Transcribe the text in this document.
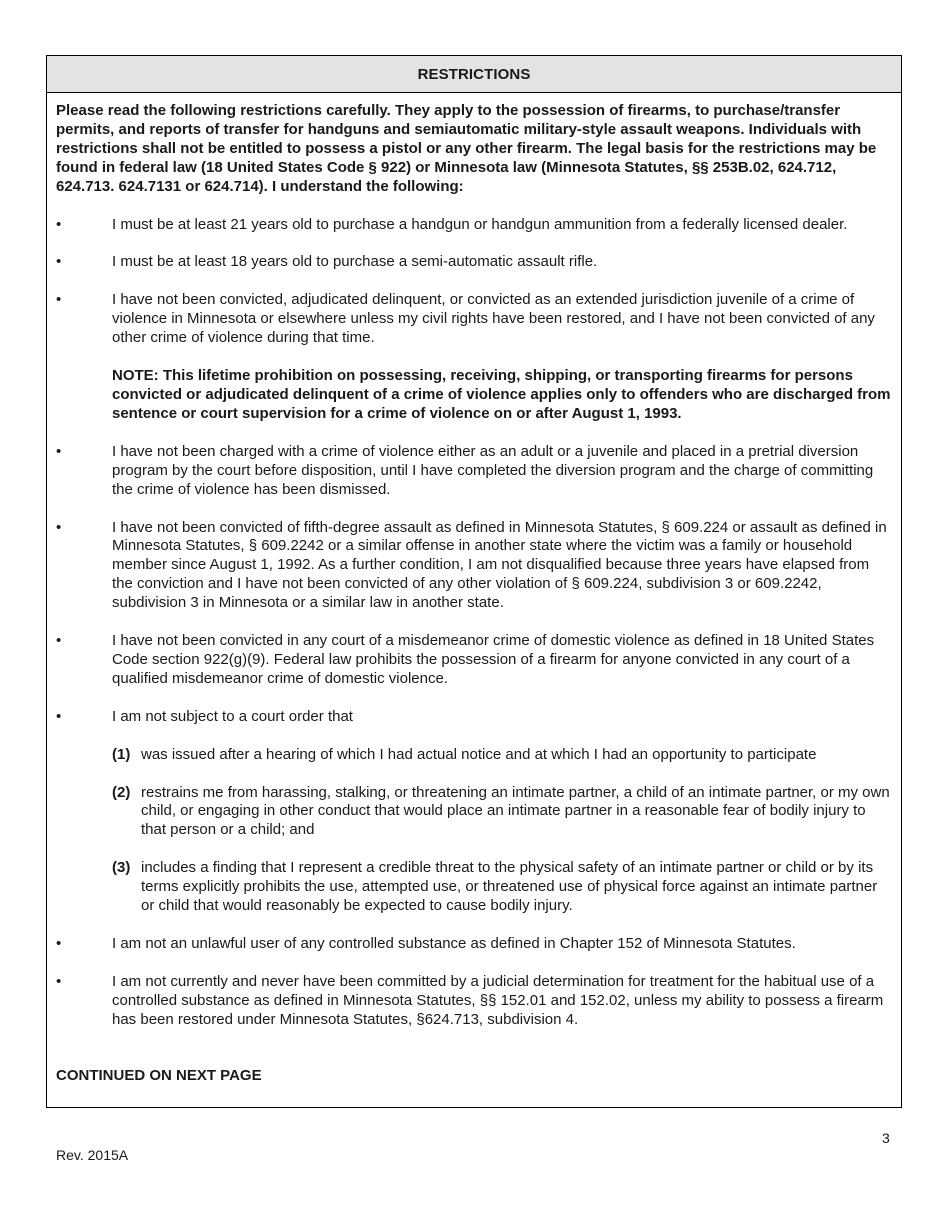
RESTRICTIONS

Please read the following restrictions carefully. They apply to the possession of firearms, to purchase/transfer permits, and reports of transfer for handguns and semiautomatic military-style assault weapons. Individuals with restrictions shall not be entitled to possess a pistol or any other firearm. The legal basis for the restrictions may be found in federal law (18 United States Code § 922) or Minnesota law (Minnesota Statutes, §§ 253B.02, 624.712, 624.713. 624.7131 or 624.714). I understand the following:

•	I must be at least 21 years old to purchase a handgun or handgun ammunition from a federally licensed dealer.
•	I must be at least 18 years old to purchase a semi-automatic assault rifle.
•	I have not been convicted, adjudicated delinquent, or convicted as an extended jurisdiction juvenile of a crime of violence in Minnesota or elsewhere unless my civil rights have been restored, and I have not been convicted of any other crime of violence during that time.

NOTE: This lifetime prohibition on possessing, receiving, shipping, or transporting firearms for persons convicted or adjudicated delinquent of a crime of violence applies only to offenders who are discharged from sentence or court supervision for a crime of violence on or after August 1, 1993.

•	I have not been charged with a crime of violence either as an adult or a juvenile and placed in a pretrial diversion program by the court before disposition, until I have completed the diversion program and the charge of committing the crime of violence has been dismissed.
•	I have not been convicted of fifth-degree assault as defined in Minnesota Statutes, § 609.224 or assault as defined in Minnesota Statutes, § 609.2242 or a similar offense in another state where the victim was a family or household member since August 1, 1992. As a further condition, I am not disqualified because three years have elapsed from the conviction and I have not been convicted of any other violation of § 609.224, subdivision 3 or 609.2242, subdivision 3 in Minnesota or a similar law in another state.
•	I have not been convicted in any court of a misdemeanor crime of domestic violence as defined in 18 United States Code section 922(g)(9). Federal law prohibits the possession of a firearm for anyone convicted in any court of a qualified misdemeanor crime of domestic violence.
•	I am not subject to a court order that
(1) was issued after a hearing of which I had actual notice and at which I had an opportunity to participate
(2) restrains me from harassing, stalking, or threatening an intimate partner, a child of an intimate partner, or my own child, or engaging in other conduct that would place an intimate partner in a reasonable fear of bodily injury to that person or a child; and
(3) includes a finding that I represent a credible threat to the physical safety of an intimate partner or child or by its terms explicitly prohibits the use, attempted use, or threatened use of physical force against an intimate partner or child that would reasonably be expected to cause bodily injury.
•	I am not an unlawful user of any controlled substance as defined in Chapter 152 of Minnesota Statutes.
•	I am not currently and never have been committed by a judicial determination for treatment for the habitual use of a controlled substance as defined in Minnesota Statutes, §§ 152.01 and 152.02, unless my ability to possess a firearm has been restored under Minnesota Statutes, §624.713, subdivision 4.

CONTINUED ON NEXT PAGE

3
Rev. 2015A
